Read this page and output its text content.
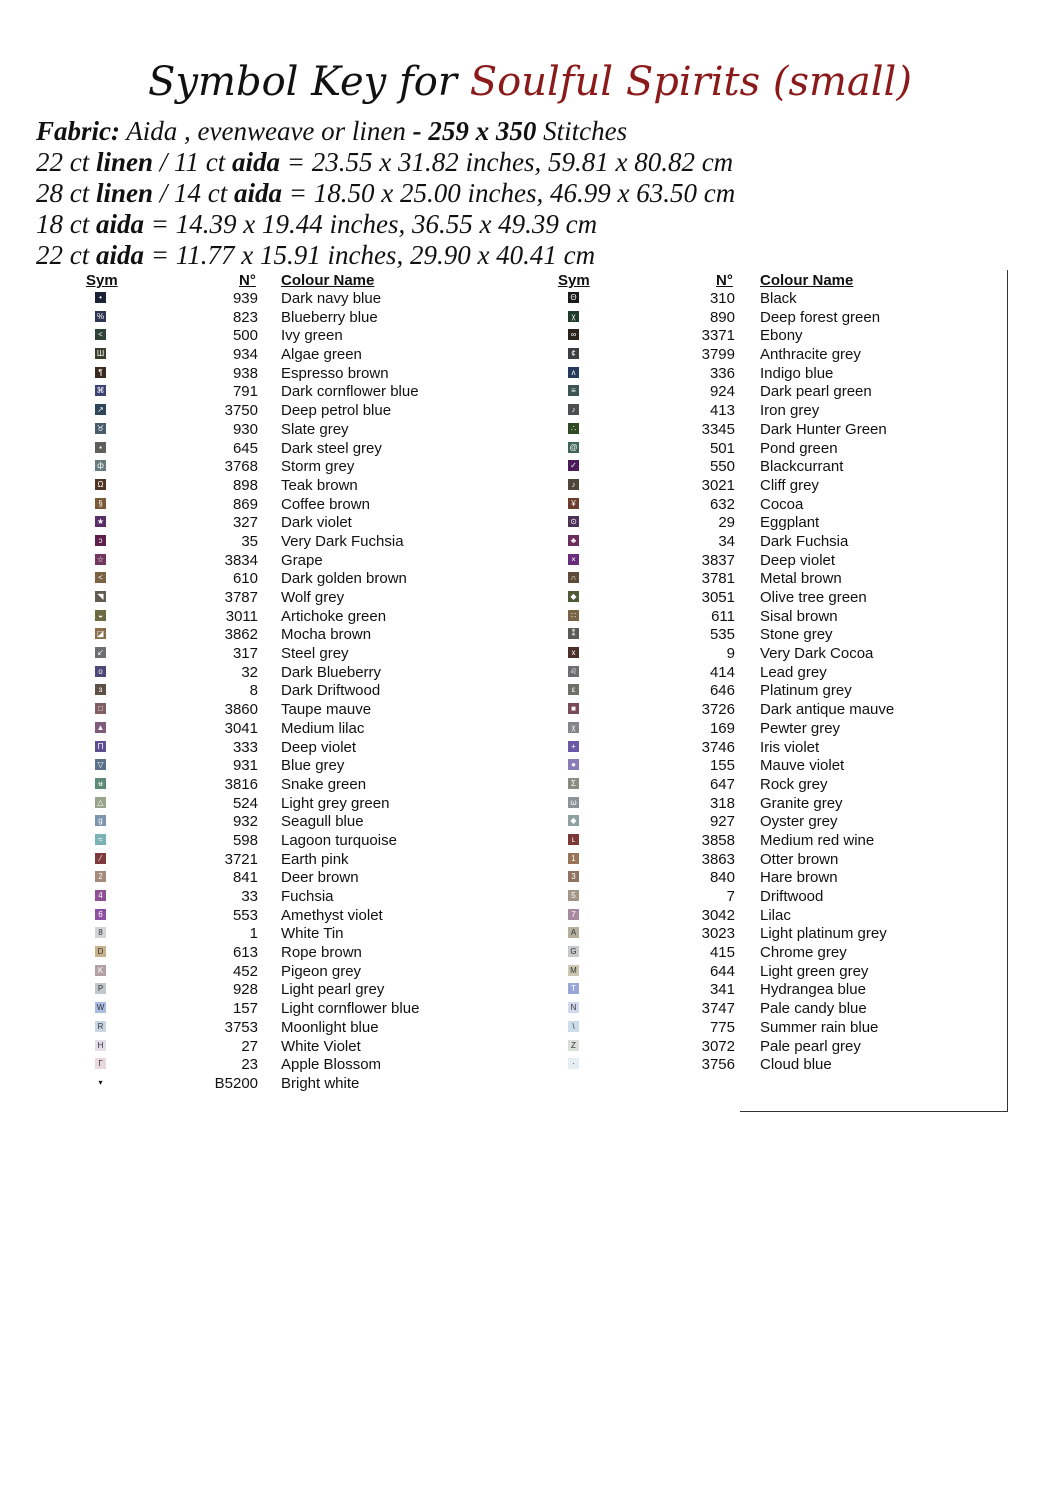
Symbol Key for Soulful Spirits (small)
Fabric: Aida , evenweave or linen - 259 x 350 Stitches
22 ct linen / 11 ct aida = 23.55 x 31.82 inches, 59.81 x 80.82 cm
28 ct linen / 14 ct aida = 18.50 x 25.00 inches, 46.99 x 63.50 cm
18 ct aida = 14.39 x 19.44 inches, 36.55 x 49.39 cm
22 ct aida = 11.77 x 15.91 inches, 29.90 x 40.41 cm
Sym	N° Colour Name	Sym	N° Colour Name
•	939 Dark navy blue
%	823 Blueberry blue
<	500 Ivy green
Ш	934 Algae green
¶	938 Espresso brown
⌘	791 Dark cornflower blue
↗	3750 Deep petrol blue
♉	930 Slate grey
▪	645 Dark steel grey
ф	3768 Storm grey
Ω	898 Teak brown
§	869 Coffee brown
★	327 Dark violet
ɔ	35 Very Dark Fuchsia
☆	3834 Grape
<	610 Dark golden brown
◥	3787 Wolf grey
◒	3011 Artichoke green
◪	3862 Mocha brown
↙	317 Steel grey
o	32 Dark Blueberry
ɜ	8 Dark Driftwood
□	3860 Taupe mauve
▲	3041 Medium lilac
Π	333 Deep violet
▽	931 Blue grey
ʉ	3816 Snake green
△	524 Light grey green
g	932 Seagull blue
≈	598 Lagoon turquoise
⁄	3721 Earth pink
2	841 Deer brown
4	33 Fuchsia
6	553 Amethyst violet
8	1 White Tin
D	613 Rope brown
K	452 Pigeon grey
P	928 Light pearl grey
W	157 Light cornflower blue
R	3753 Moonlight blue
H	27 White Violet
Г	23 Apple Blossom
▾	B5200 Bright white
Θ	310 Black
χ	890 Deep forest green
∞	3371 Ebony
¢	3799 Anthracite grey
ʌ	336 Indigo blue
≡	924 Dark pearl green
♪	413 Iron grey
∴	3345 Dark Hunter Green
@	501 Pond green
✓	550 Blackcurrant
♪	3021 Cliff grey
¥	632 Cocoa
⊙	29 Eggplant
♣	34 Dark Fuchsia
×	3837 Deep violet
∩	3781 Metal brown
◆	3051 Olive tree green
∷	611 Sisal brown
⁑	535 Stone grey
x	9 Very Dark Cocoa
♌	414 Lead grey
ε	646 Platinum grey
■	3726 Dark antique mauve
χ	169 Pewter grey
+	3746 Iris violet
●	155 Mauve violet
Σ	647 Rock grey
ω	318 Granite grey
◆	927 Oyster grey
ʟ	3858 Medium red wine
1	3863 Otter brown
3	840 Hare brown
5	7 Driftwood
7	3042 Lilac
A	3023 Light platinum grey
G	415 Chrome grey
M	644 Light green grey
T	341 Hydrangea blue
N	3747 Pale candy blue
\	775 Summer rain blue
Z	3072 Pale pearl grey
·	3756 Cloud blue
